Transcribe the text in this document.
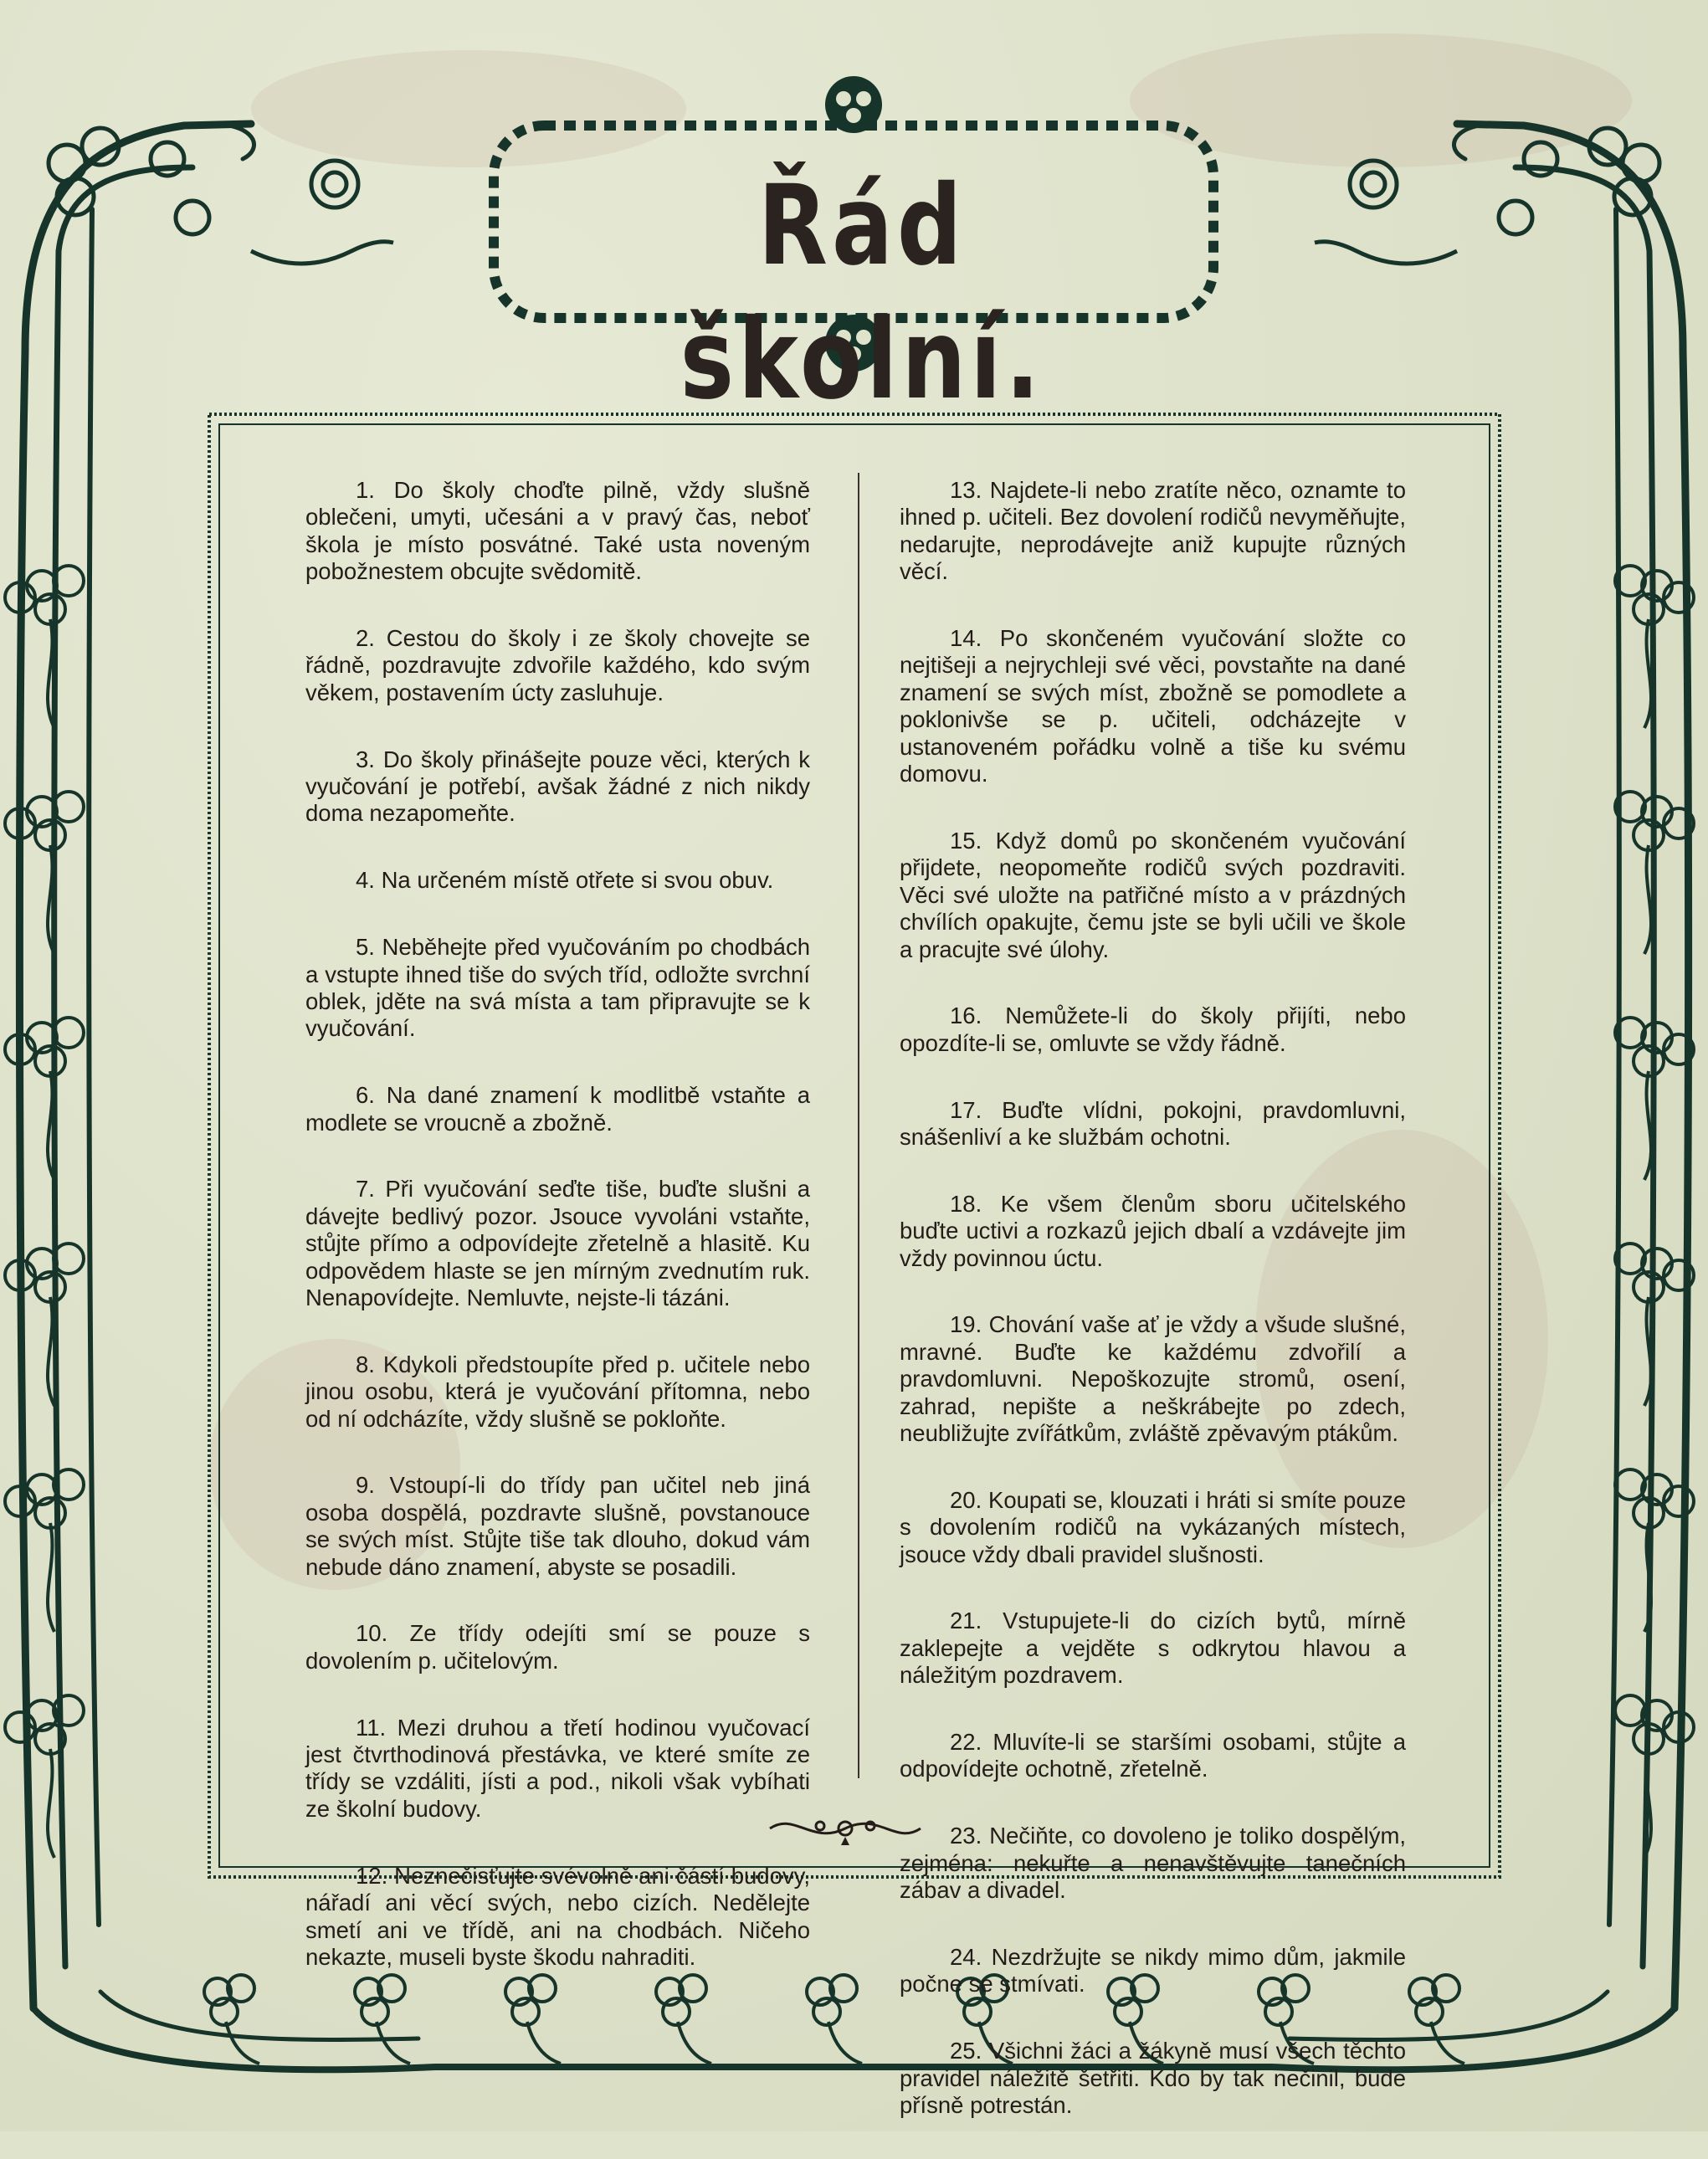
Řád školní.
1. Do školy choďte pilně, vždy slušně oblečeni, umyti, učesáni a v pravý čas, neboť škola je místo posvátné. Také usta noveným pobožnestem obcujte svědomitě.
2. Cestou do školy i ze školy chovejte se řádně, pozdravujte zdvořile každého, kdo svým věkem, postavením úcty zasluhuje.
3. Do školy přinášejte pouze věci, kterých k vyučování je potřebí, avšak žádné z nich nikdy doma nezapomeňte.
4. Na určeném místě otřete si svou obuv.
5. Neběhejte před vyučováním po chodbách a vstupte ihned tiše do svých tříd, odložte svrchní oblek, jděte na svá místa a tam připravujte se k vyučování.
6. Na dané znamení k modlitbě vstaňte a modlete se vroucně a zbožně.
7. Při vyučování seďte tiše, buďte slušni a dávejte bedlivý pozor. Jsouce vyvoláni vstaňte, stůjte přímo a odpovídejte zřetelně a hlasitě. Ku odpovědem hlaste se jen mírným zvednutím ruk. Nenapovídejte. Nemluvte, nejste-li tázáni.
8. Kdykoli předstoupíte před p. učitele nebo jinou osobu, která je vyučování přítomna, nebo od ní odcházíte, vždy slušně se pokloňte.
9. Vstoupí-li do třídy pan učitel neb jiná osoba dospělá, pozdravte slušně, povstanouce se svých míst. Stůjte tiše tak dlouho, dokud vám nebude dáno znamení, abyste se posadili.
10. Ze třídy odejíti smí se pouze s dovolením p. učitelovým.
11. Mezi druhou a třetí hodinou vyučovací jest čtvrthodinová přestávka, ve které smíte ze třídy se vzdáliti, jísti a pod., nikoli však vybíhati ze školní budovy.
12. Neznečisťujte svévolně ani částí budovy, nářadí ani věcí svých, nebo cizích. Nedělejte smetí ani ve třídě, ani na chodbách. Ničeho nekazte, museli byste škodu nahraditi.
13. Najdete-li nebo zratíte něco, oznamte to ihned p. učiteli. Bez dovolení rodičů nevyměňujte, nedarujte, neprodávejte aniž kupujte různých věcí.
14. Po skončeném vyučování složte co nejtišeji a nejrychleji své věci, povstaňte na dané znamení se svých míst, zbožně se pomodlete a poklonivše se p. učiteli, odcházejte v ustanoveném pořádku volně a tiše ku svému domovu.
15. Když domů po skončeném vyučování přijdete, neopomeňte rodičů svých pozdraviti. Věci své uložte na patřičné místo a v prázdných chvílích opakujte, čemu jste se byli učili ve škole a pracujte své úlohy.
16. Nemůžete-li do školy přijíti, nebo opozdíte-li se, omluvte se vždy řádně.
17. Buďte vlídni, pokojni, pravdomluvni, snášenliví a ke službám ochotni.
18. Ke všem členům sboru učitelského buďte uctivi a rozkazů jejich dbalí a vzdávejte jim vždy povinnou úctu.
19. Chování vaše ať je vždy a všude slušné, mravné. Buďte ke každému zdvořilí a pravdomluvni. Nepoškozujte stromů, osení, zahrad, nepište a neškrábejte po zdech, neubližujte zvířátkům, zvláště zpěvavým ptákům.
20. Koupati se, klouzati i hráti si smíte pouze s dovolením rodičů na vykázaných místech, jsouce vždy dbali pravidel slušnosti.
21. Vstupujete-li do cizích bytů, mírně zaklepejte a vejděte s odkrytou hlavou a náležitým pozdravem.
22. Mluvíte-li se staršími osobami, stůjte a odpovídejte ochotně, zřetelně.
23. Nečiňte, co dovoleno je toliko dospělým, zejména: nekuřte a nenavštěvujte tanečních zábav a divadel.
24. Nezdržujte se nikdy mimo dům, jakmile počne se stmívati.
25. Všichni žáci a žákyně musí všech těchto pravidel náležitě šetřiti. Kdo by tak nečinil, bude přísně potrestán.
